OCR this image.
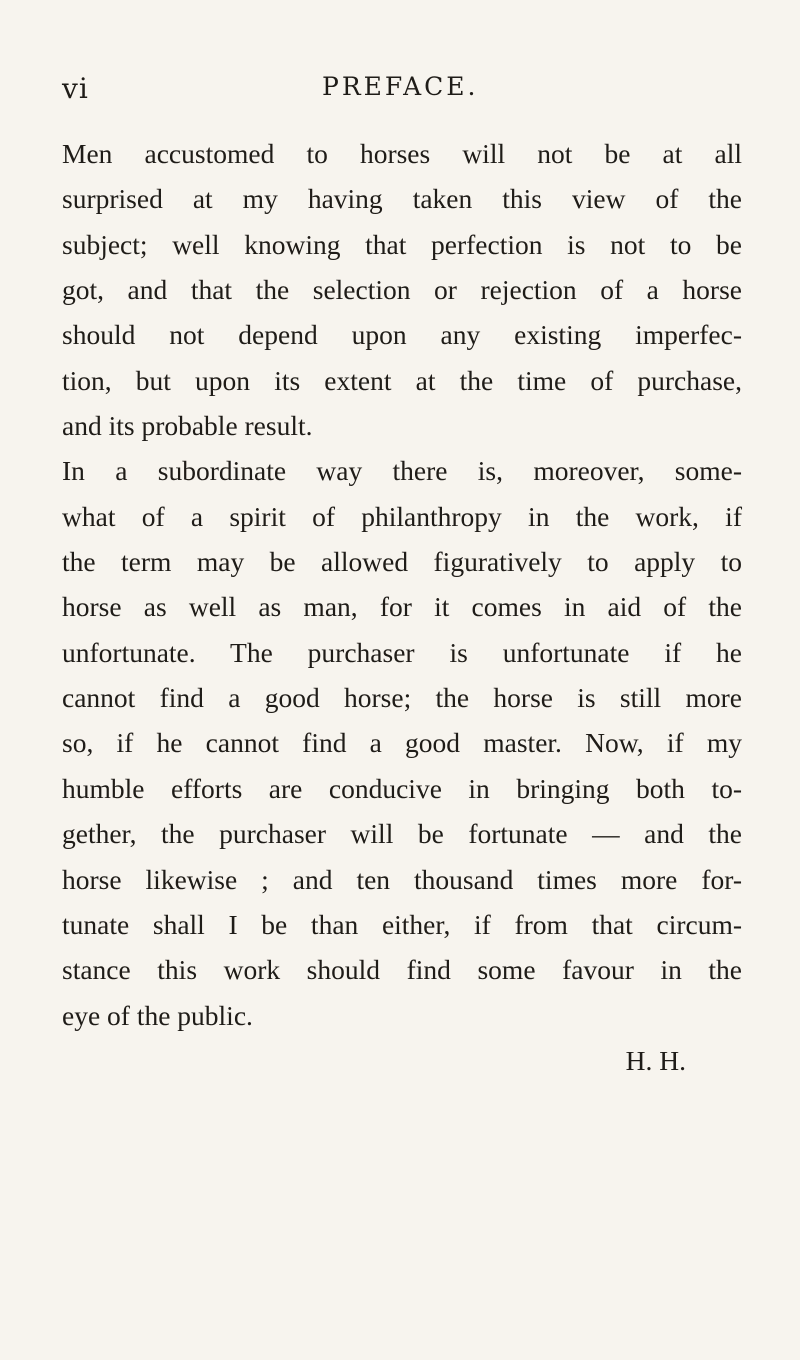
vi	PREFACE.
Men accustomed to horses will not be at all
surprised at my having taken this view of the
subject; well knowing that perfection is not to be
got, and that the selection or rejection of a horse
should not depend upon any existing imperfec-
tion, but upon its extent at the time of purchase,
and its probable result.
In a subordinate way there is, moreover, some-
what of a spirit of philanthropy in the work, if
the term may be allowed figuratively to apply to
horse as well as man, for it comes in aid of the
unfortunate. The purchaser is unfortunate if he
cannot find a good horse; the horse is still more
so, if he cannot find a good master. Now, if my
humble efforts are conducive in bringing both to-
gether, the purchaser will be fortunate — and the
horse likewise ; and ten thousand times more for-
tunate shall I be than either, if from that circum-
stance this work should find some favour in the
eye of the public.
H. H.
